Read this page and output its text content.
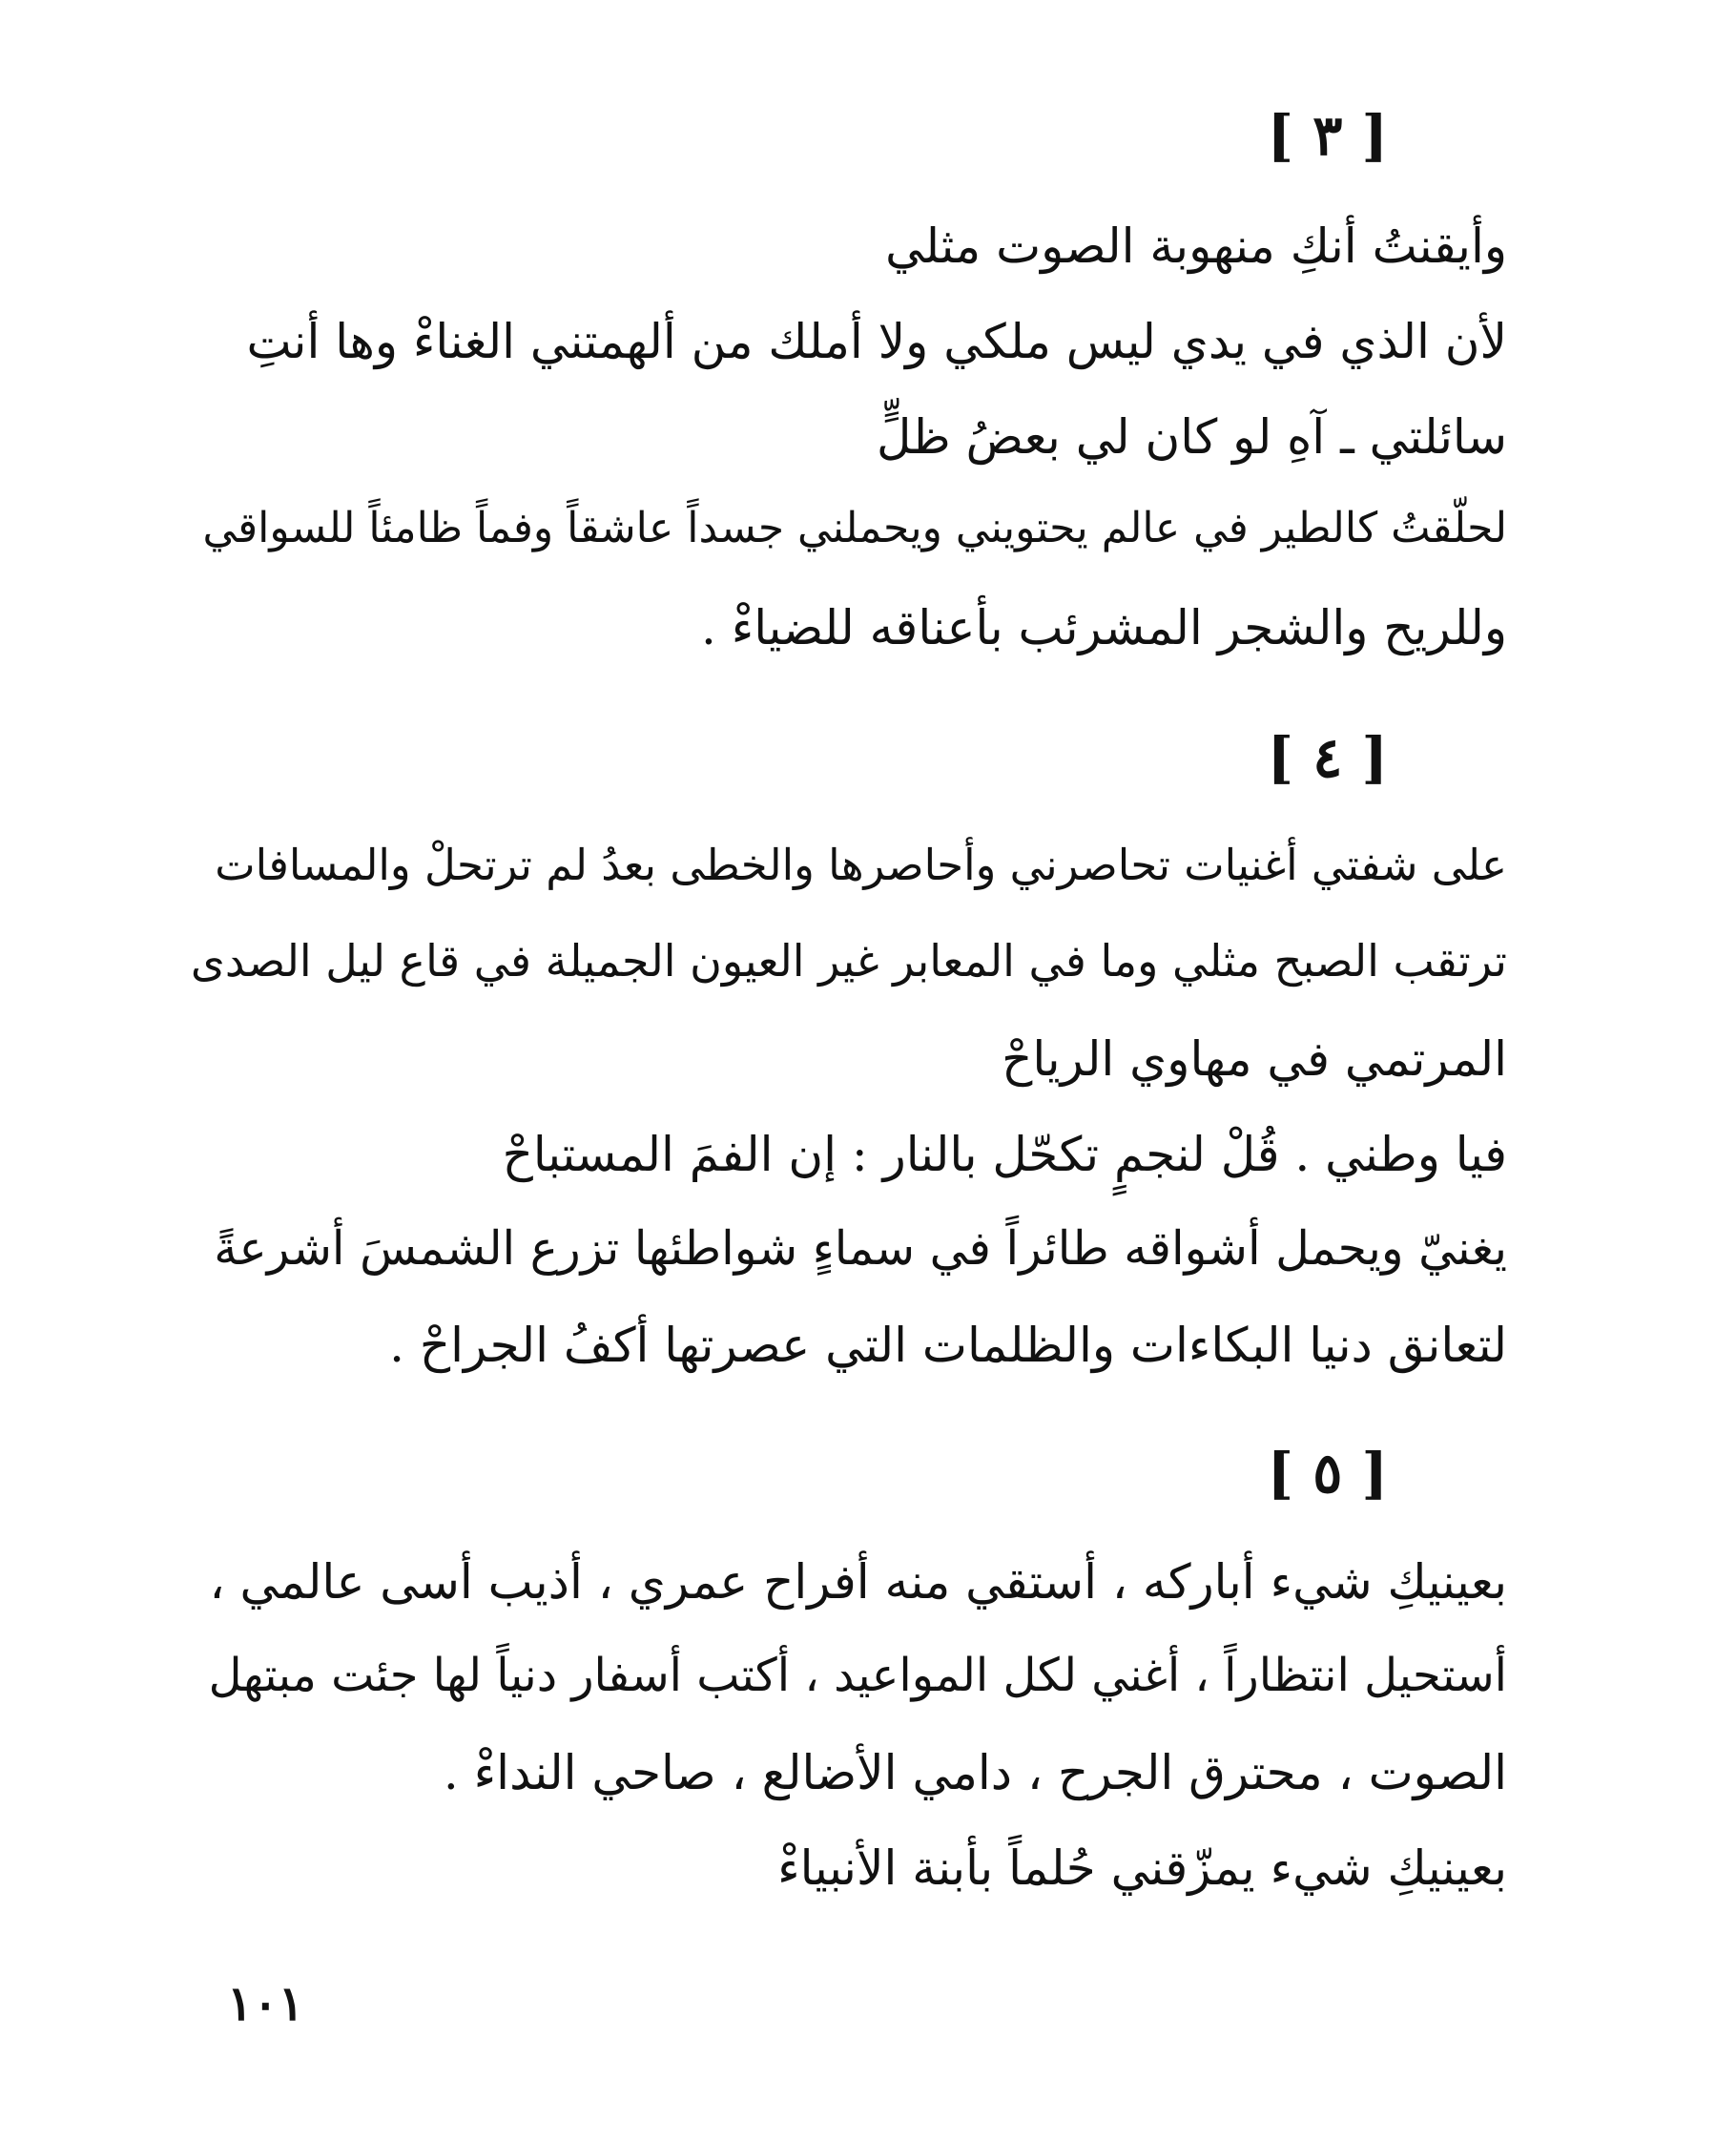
[ ٣ ]
وأيقنتُ أنكِ منهوبة الصوت مثلي
لأن الذي في يدي ليس ملكي ولا أملك من ألهمتني الغناءْ وها أنتِ
سائلتي ـ آهِ لو كان لي بعضُ ظلٍّ
لحلّقتُ كالطير في عالم يحتويني ويحملني جسداً عاشقاً وفماً ظامئاً للسواقي
وللريح والشجر المشرئب بأعناقه للضياءْ .
[ ٤ ]
على شفتي أغنيات تحاصرني وأحاصرها والخطى بعدُ لم ترتحلْ والمسافات
ترتقب الصبح مثلي وما في المعابر غير العيون الجميلة في قاع ليل الصدى
المرتمي في مهاوي الرياحْ
فيا وطني . قُلْ لنجمٍ تكحّل بالنار : إن الفمَ المستباحْ
يغنيّ ويحمل أشواقه طائراً في سماءٍ شواطئها تزرع الشمسَ أشرعةً
لتعانق دنيا البكاءات والظلمات التي عصرتها أكفُ الجراحْ .
[ ٥ ]
بعينيكِ شيء أباركه ، أستقي منه أفراح عمري ، أذيب أسى عالمي ،
أستحيل انتظاراً ، أغني لكل المواعيد ، أكتب أسفار دنياً لها جئت مبتهل
الصوت ، محترق الجرح ، دامي الأضالع ، صاحي النداءْ .
بعينيكِ شيء يمزّقني حُلماً بأبنة الأنبياءْ
١٠١
